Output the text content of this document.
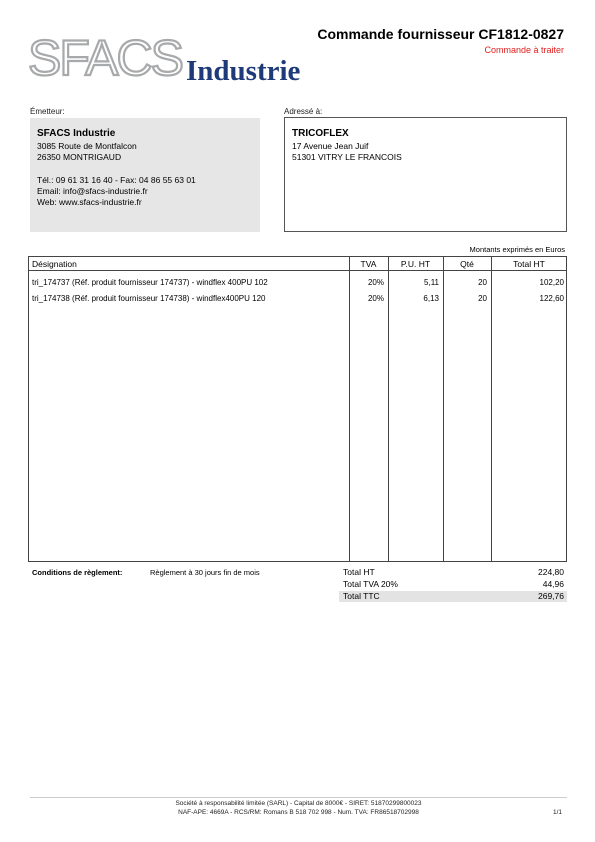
SFACS Industrie
Commande fournisseur CF1812-0827
Commande à traiter
Émetteur:	Adressé à:
SFACS Industrie
3085 Route de Montfalcon
26350 MONTRIGAUD
Tél.: 09 61 31 16 40 - Fax: 04 86 55 63 01
Email: info@sfacs-industrie.fr
Web: www.sfacs-industrie.fr
TRICOFLEX
17 Avenue Jean Juif
51301 VITRY LE FRANCOIS
Montants exprimés en Euros
Désignation	TVA	P.U. HT	Qté	Total HT
tri_174737 (Réf. produit fournisseur 174737) - windflex 400PU 102	20%	5,11	20	102,20
tri_174738 (Réf. produit fournisseur 174738) - windflex400PU 120	20%	6,13	20	122,60
Conditions de règlement:	Règlement à 30 jours fin de mois	Total HT	224,80
Total TVA 20%	44,96
Total TTC	269,76
Société à responsabilité limitée (SARL) - Capital de 8000€ - SIRET: 51870299800023
NAF-APE: 4669A - RCS/RM: Romans B 518 702 998 - Num. TVA: FR86518702998	1/1
